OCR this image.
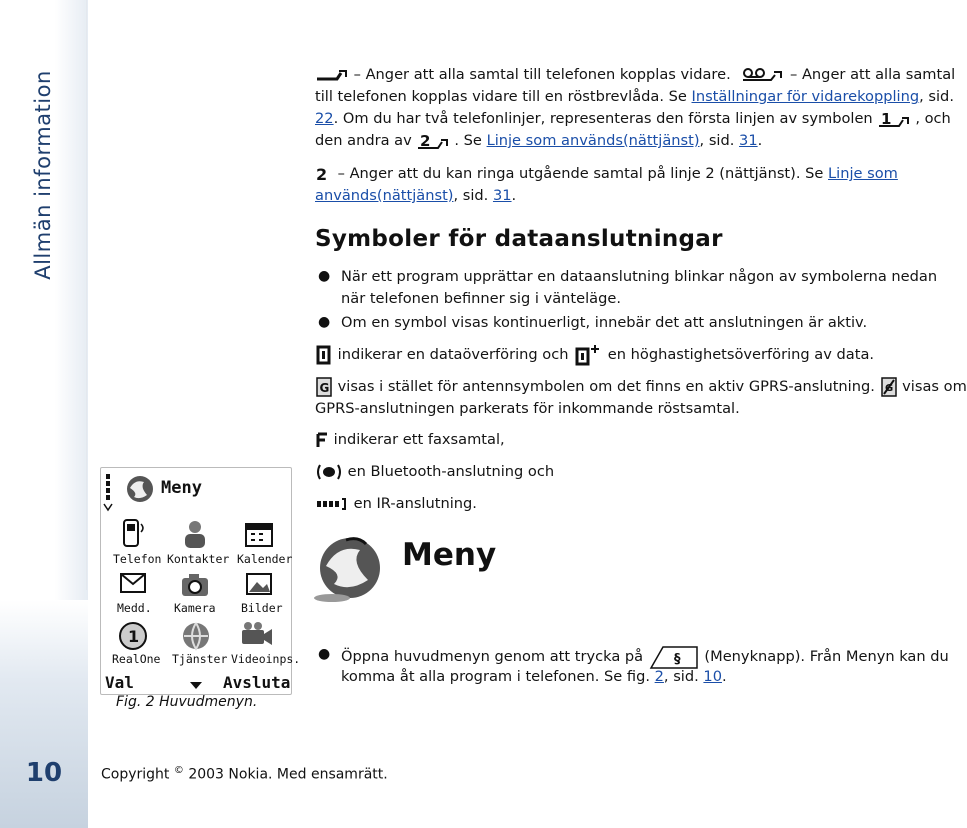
Allmän information
10
– Anger att alla samtal till telefonen kopplas vidare.	– Anger att alla samtal
till telefonen kopplas vidare till en röstbrevlåda. Se Inställningar för vidarekoppling, sid.
22. Om du har två telefonlinjer, representeras den första linjen av symbolen 1 , och
den andra av 2 . Se Linje som används(nättjänst), sid. 31.
2 – Anger att du kan ringa utgående samtal på linje 2 (nättjänst). Se Linje som
används(nättjänst), sid. 31.
Symboler för dataanslutningar
● När ett program upprättar en dataanslutning blinkar någon av symbolerna nedan
när telefonen befinner sig i vänteläge.
● Om en symbol visas kontinuerligt, innebär det att anslutningen är aktiv.
indikerar en dataöverföring och	en höghastighetsöverföring av data.
G visas i stället för antennsymbolen om det finns en aktiv GPRS-anslutning. G visas om
GPRS-anslutningen parkerats för inkommande röstsamtal.
indikerar ett faxsamtal,
en Bluetooth-anslutning och
en IR-anslutning.
Meny
● Öppna huvudmenyn genom att trycka på § (Menyknapp). Från Menyn kan du
komma åt alla program i telefonen. Se fig. 2, sid. 10.
Meny
Telefon Kontakter Kalender
Medd. Kamera Bilder
1
RealOne Tjänster Videoinps.
Val	Avsluta
Fig. 2 Huvudmenyn.
Copyright © 2003 Nokia. Med ensamrätt.
